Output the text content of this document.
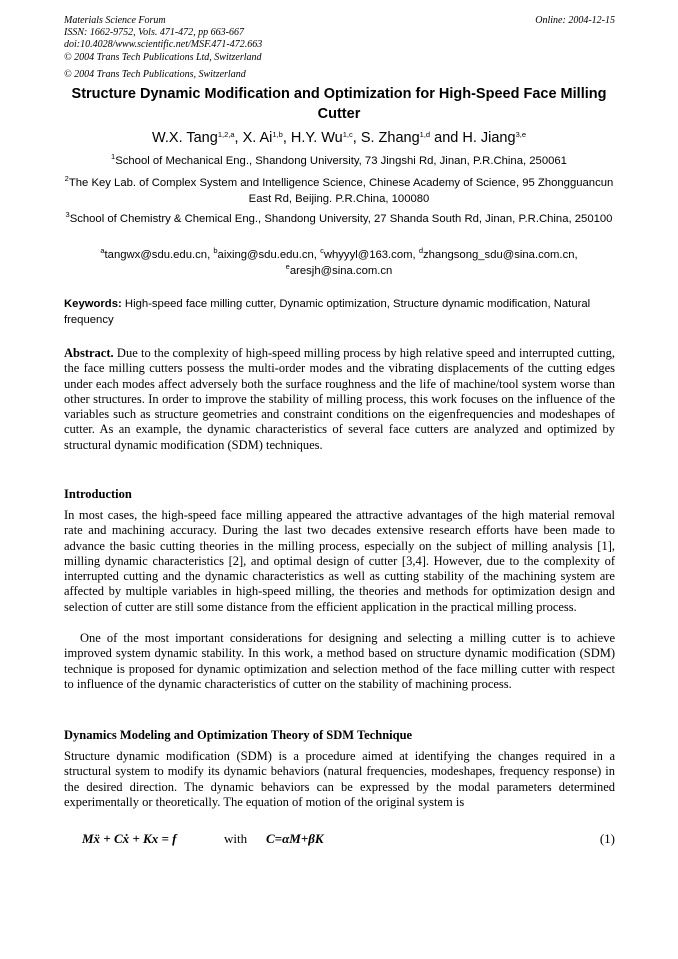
Materials Science Forum
ISSN: 1662-9752, Vols. 471-472, pp 663-667
doi:10.4028/www.scientific.net/MSF.471-472.663
© 2004 Trans Tech Publications Ltd, Switzerland
Online: 2004-12-15
© 2004 Trans Tech Publications, Switzerland
Structure Dynamic Modification and Optimization for High-Speed Face Milling Cutter
W.X. Tang$^{1,2,a}$, X. Ai$^{1,b}$, H.Y. Wu$^{1,c}$, S. Zhang$^{1,d}$ and H. Jiang$^{3,e}$
$^1$School of Mechanical Eng., Shandong University, 73 Jingshi Rd, Jinan, P.R.China, 250061
$^2$The Key Lab. of Complex System and Intelligence Science, Chinese Academy of Science, 95 Zhongguancun East Rd, Beijing. P.R.China, 100080
$^3$School of Chemistry & Chemical Eng., Shandong University, 27 Shanda South Rd, Jinan, P.R.China, 250100
$^a$tangwx@sdu.edu.cn, $^b$aixing@sdu.edu.cn, $^c$whyyyl@163.com, $^d$zhangsong_sdu@sina.com.cn, $^e$aresjh@sina.com.cn
Keywords: High-speed face milling cutter, Dynamic optimization, Structure dynamic modification, Natural frequency
Abstract. Due to the complexity of high-speed milling process by high relative speed and interrupted cutting, the face milling cutters possess the multi-order modes and the vibrating displacements of the cutting edges under each modes affect adversely both the surface roughness and the life of machine/tool system worse than other structures. In order to improve the stability of milling process, this work focuses on the influence of the variables such as structure geometries and constraint conditions on the eigenfrequencies and modeshapes of cutter. As an example, the dynamic characteristics of several face cutters are analyzed and optimized by structural dynamic modification (SDM) techniques.
Introduction
In most cases, the high-speed face milling appeared the attractive advantages of the high material removal rate and machining accuracy. During the last two decades extensive research efforts have been made to advance the basic cutting theories in the milling process, especially on the subject of milling analysis [1], milling dynamic characteristics [2], and optimal design of cutter [3,4]. However, due to the complexity of interrupted cutting and the dynamic characteristics as well as cutting stability of the machining system are affected by multiple variables in high-speed milling, the theories and methods for optimization design and selection of cutter are still some distance from the efficient application in the practical milling process.
One of the most important considerations for designing and selecting a milling cutter is to achieve improved system dynamic stability. In this work, a method based on structure dynamic modification (SDM) technique is proposed for dynamic optimization and selection method of the face milling cutter with respect to influence of the dynamic characteristics of cutter on the stability of machining process.
Dynamics Modeling and Optimization Theory of SDM Technique
Structure dynamic modification (SDM) is a procedure aimed at identifying the changes required in a structural system to modify its dynamic behaviors (natural frequencies, modeshapes, frequency response) in the desired direction. The dynamic behaviors can be expressed by the modal parameters determined experimentally or theoretically. The equation of motion of the original system is
Mẍ + Cẋ + Kx = f	with C=αM+βK	(1)
